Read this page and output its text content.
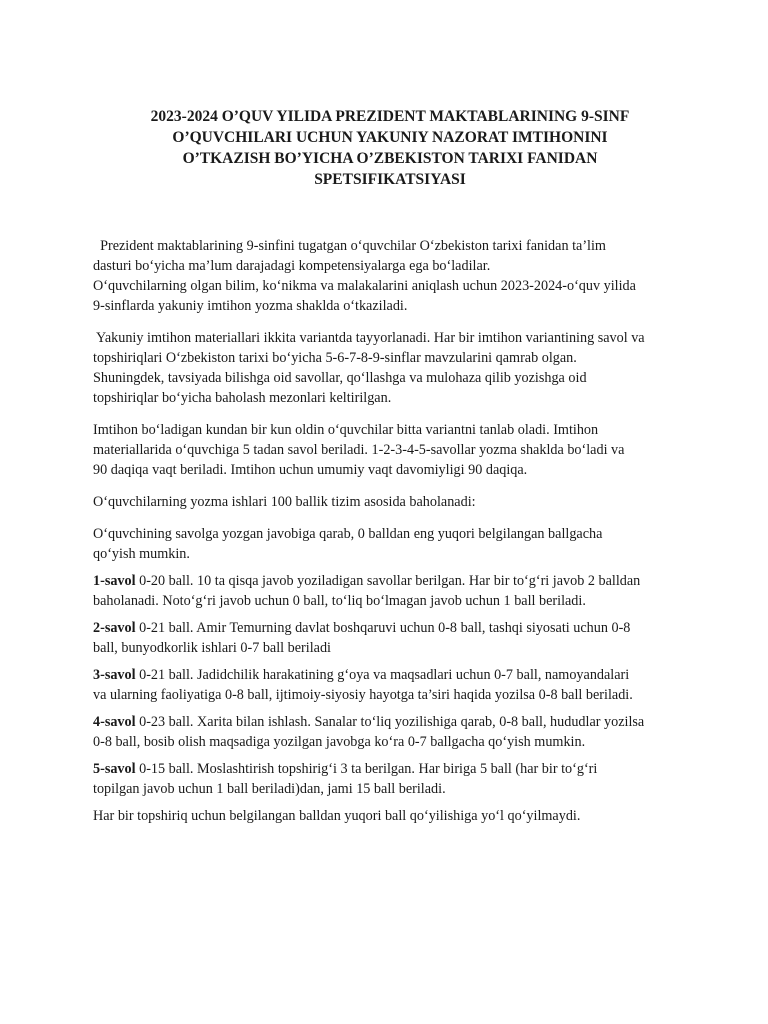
2023-2024 O’QUV YILIDA PREZIDENT MAKTABLARINING 9-SINF
O’QUVCHILARI UCHUN YAKUNIY NAZORAT IMTIHONINI
O’TKAZISH BO’YICHA O’ZBEKISTON TARIXI FANIDAN
SPETSIFIKATSIYASI

Prezident maktablarining 9-sinfini tugatgan o‘quvchilar O‘zbekiston tarixi fanidan ta’lim
dasturi bo‘yicha ma’lum darajadagi kompetensiyalarga ega bo‘ladilar.
O‘quvchilarning olgan bilim, ko‘nikma va malakalarini aniqlash uchun 2023-2024-o‘quv yilida
9-sinflarda yakuniy imtihon yozma shaklda o‘tkaziladi.

Yakuniy imtihon materiallari ikkita variantda tayyorlanadi. Har bir imtihon variantining savol va
topshiriqlari O‘zbekiston tarixi bo‘yicha 5-6-7-8-9-sinflar mavzularini qamrab olgan.
Shuningdek, tavsiyada bilishga oid savollar, qo‘llashga va mulohaza qilib yozishga oid
topshiriqlar bo‘yicha baholash mezonlari keltirilgan.

Imtihon bo‘ladigan kundan bir kun oldin o‘quvchilar bitta variantni tanlab oladi. Imtihon
materiallarida o‘quvchiga 5 tadan savol beriladi. 1-2-3-4-5-savollar yozma shaklda bo‘ladi va
90 daqiqa vaqt beriladi. Imtihon uchun umumiy vaqt davomiyligi 90 daqiqa.

O‘quvchilarning yozma ishlari 100 ballik tizim asosida baholanadi:

O‘quvchining savolga yozgan javobiga qarab, 0 balldan eng yuqori belgilangan ballgacha
qo‘yish mumkin.

1-savol 0-20 ball. 10 ta qisqa javob yoziladigan savollar berilgan. Har bir to‘g‘ri javob 2 balldan
baholanadi. Noto‘g‘ri javob uchun 0 ball, to‘liq bo‘lmagan javob uchun 1 ball beriladi.

2-savol 0-21 ball. Amir Temurning davlat boshqaruvi uchun 0-8 ball, tashqi siyosati uchun 0-8
ball, bunyodkorlik ishlari 0-7 ball beriladi

3-savol 0-21 ball. Jadidchilik harakatining g‘oya va maqsadlari uchun 0-7 ball, namoyandalari
va ularning faoliyatiga 0-8 ball, ijtimoiy-siyosiy hayotga ta’siri haqida yozilsa 0-8 ball beriladi.

4-savol 0-23 ball. Xarita bilan ishlash. Sanalar to‘liq yozilishiga qarab, 0-8 ball, hududlar yozilsa
0-8 ball, bosib olish maqsadiga yozilgan javobga ko‘ra 0-7 ballgacha qo‘yish mumkin.

5-savol 0-15 ball. Moslashtirish topshirig‘i 3 ta berilgan. Har biriga 5 ball (har bir to‘g‘ri
topilgan javob uchun 1 ball beriladi)dan, jami 15 ball beriladi.

Har bir topshiriq uchun belgilangan balldan yuqori ball qo‘yilishiga yo‘l qo‘yilmaydi.
